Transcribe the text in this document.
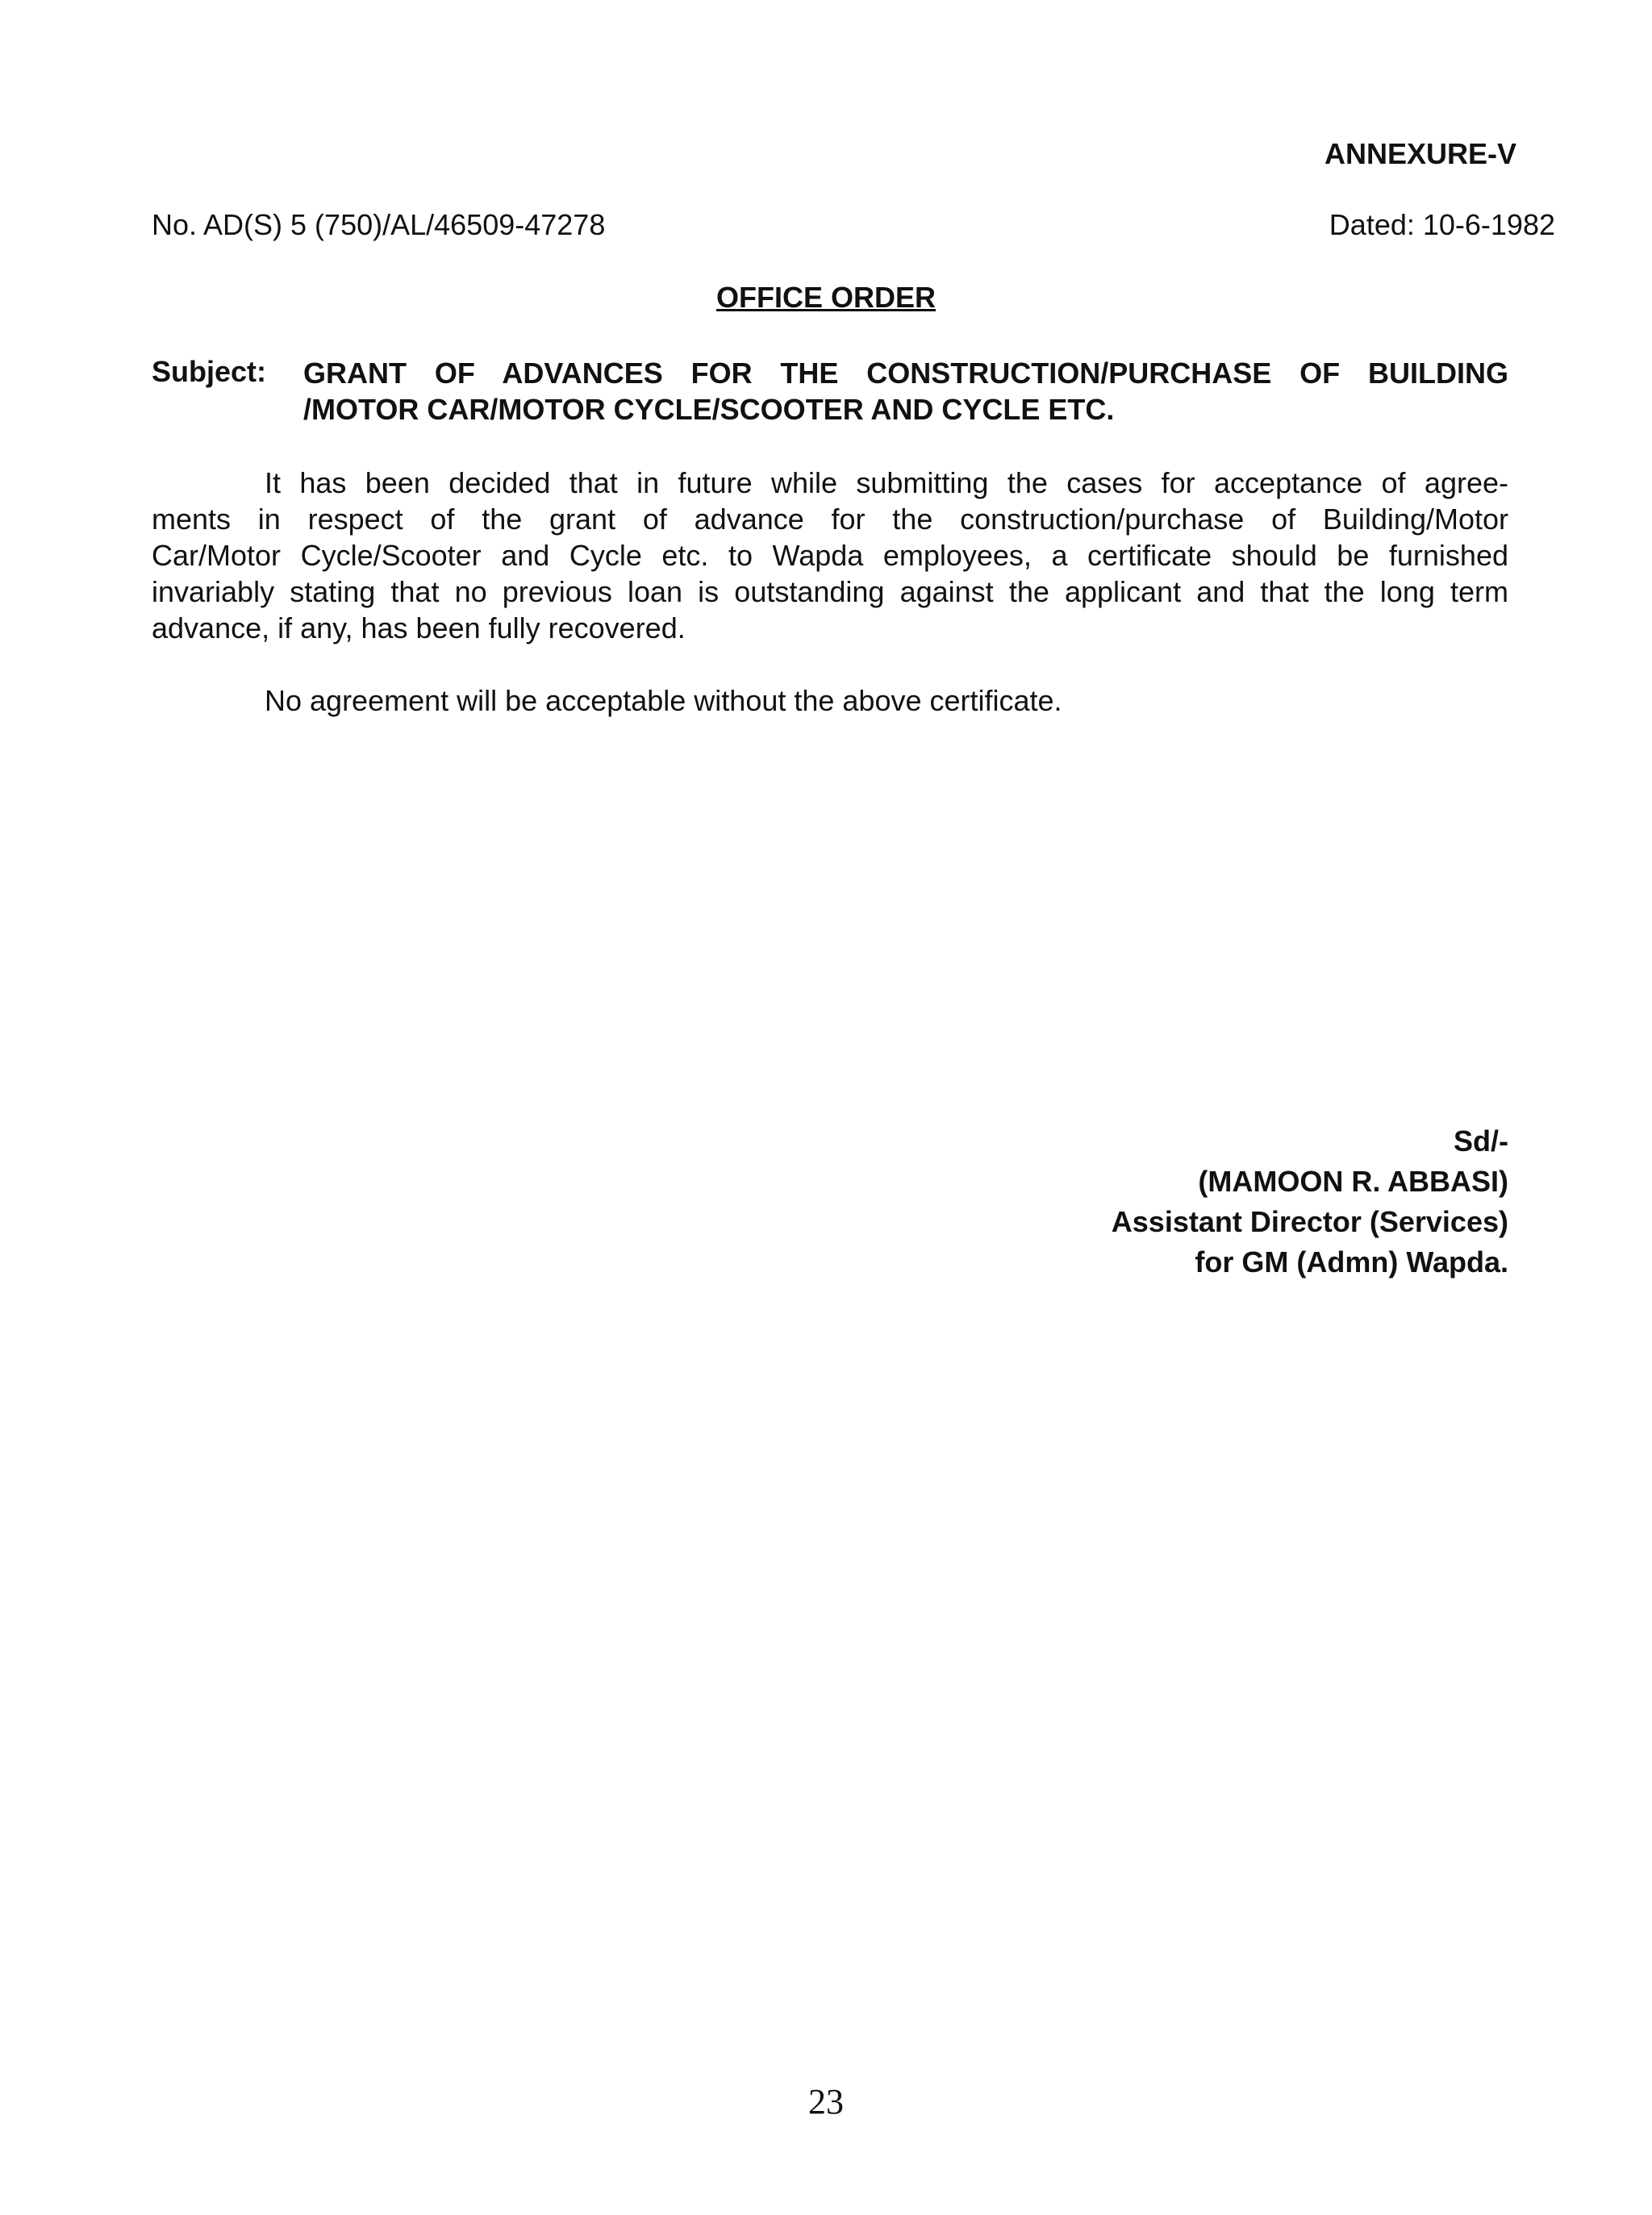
ANNEXURE-V

No. AD(S) 5 (750)/AL/46509-47278	Dated: 10-6-1982

OFFICE ORDER

Subject: GRANT OF ADVANCES FOR THE CONSTRUCTION/PURCHASE OF BUILDING
/MOTOR CAR/MOTOR CYCLE/SCOOTER AND CYCLE ETC.
It has been decided that in future while submitting the cases for acceptance of agree-
ments in respect of the grant of advance for the construction/purchase of Building/Motor
Car/Motor Cycle/Scooter and Cycle etc. to Wapda employees, a certificate should be furnished
invariably stating that no previous loan is outstanding against the applicant and that the long term
advance, if any, has been fully recovered.

No agreement will be acceptable without the above certificate.

Sd/-
(MAMOON R. ABBASI)
Assistant Director (Services)
for GM (Admn) Wapda.

23
